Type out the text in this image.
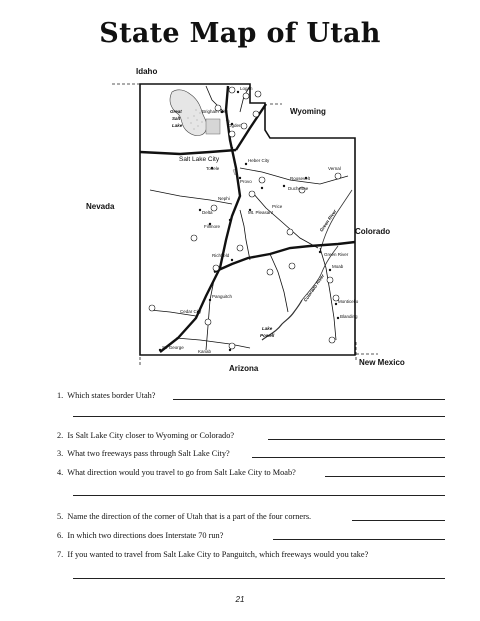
State Map of Utah
Idaho
Wyoming
Nevada
Colorado
Arizona
New Mexico
Great
Salt
Lake
Lake
Powell
Green River
Colorado River
Salt Lake City
Ogden
Brigham City
Logan
Heber City
Provo
Vernal
Roosevelt
Duchesne
Price
Green River
Moab
Monticello
Blanding
Richfield
Cedar City
St. George
Panguitch
Kanab
Nephi
Fillmore
Delta	Mt. Pleasant
Tooele
1. Which states border Utah?
2. Is Salt Lake City closer to Wyoming or Colorado?
3. What two freeways pass through Salt Lake City?
4. What direction would you travel to go from Salt Lake City to Moab?
5. Name the direction of the corner of Utah that is a part of the four corners.
6. In which two directions does Interstate 70 run?
7. If you wanted to travel from Salt Lake City to Panguitch, which freeways would you take?
21
